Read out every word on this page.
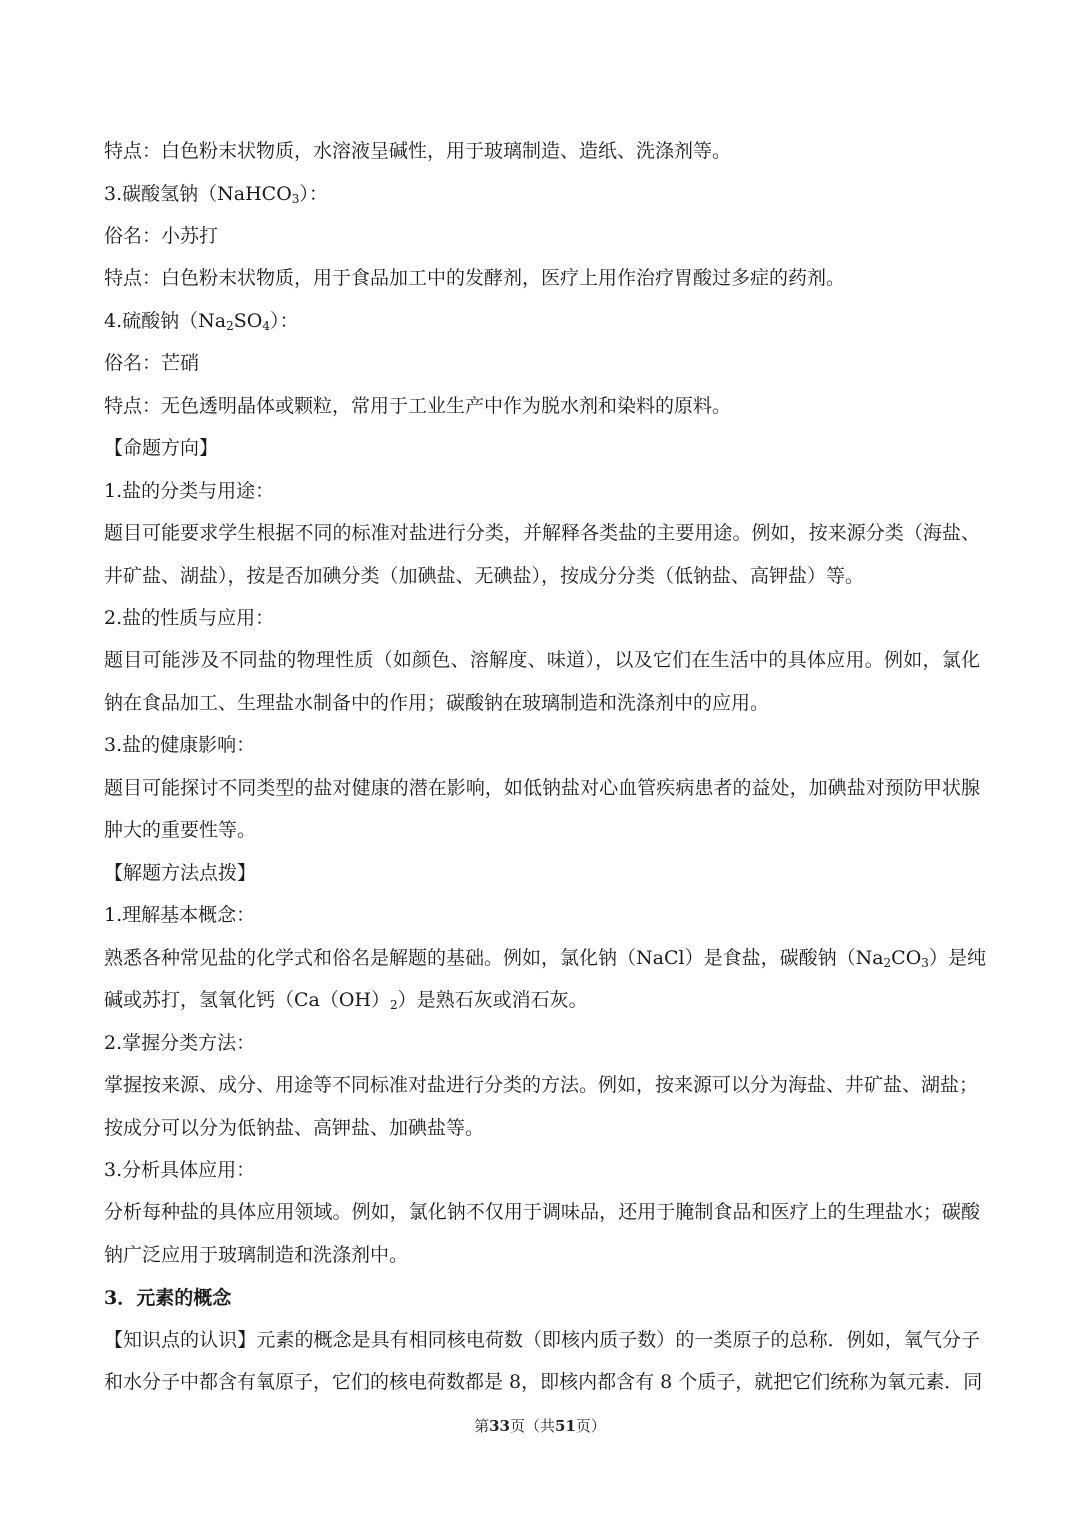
特点：白色粉末状物质，水溶液呈碱性，用于玻璃制造、造纸、洗涤剂等。
3.碳酸氢钠（NaHCO$_3$）：
俗名：小苏打
特点：白色粉末状物质，用于食品加工中的发酵剂，医疗上用作治疗胃酸过多症的药剂。
4.硫酸钠$(Na_2SO_4)$：
俗名：芒硝
特点：无色透明晶体或颗粒，常用于工业生产中作为脱水剂和染料的原料。
【命题方向】
1.盐的分类与用途：
题目可能要求学生根据不同的标准对盐进行分类，并解释各类盐的主要用途。例如，按来源分类（海盐、
井矿盐、湖盐），按是否加碘分类（加碘盐、无碘盐），按成分分类（低钠盐、高钾盐）等。
2.盐的性质与应用：
题目可能涉及不同盐的物理性质（如颜色、溶解度、味道），以及它们在生活中的具体应用。例如，氯化
钠在食品加工、生理盐水制备中的作用；碳酸钠在玻璃制造和洗涤剂中的应用。
3.盐的健康影响：
题目可能探讨不同类型的盐对健康的潜在影响，如低钠盐对心血管疾病患者的益处，加碘盐对预防甲状腺
肿大的重要性等。
【解题方法点拨】
1.理解基本概念：
熟悉各种常见盐的化学式和俗名是解题的基础。例如，氯化钠（NaCl）是食盐，碳酸钠$(Na_2CO_3)$是纯
碱或苏打，氢氧化钙$(Ca(OH)_2)$是熟石灰或消石灰。
2.掌握分类方法：
掌握按来源、成分、用途等不同标准对盐进行分类的方法。例如，按来源可以分为海盐、井矿盐、湖盐；
按成分可以分为低钠盐、高钾盐、加碘盐等。
3.分析具体应用：
分析每种盐的具体应用领域。例如，氯化钠不仅用于调味品，还用于腌制食品和医疗上的生理盐水；碳酸
钠广泛应用于玻璃制造和洗涤剂中。
3．元素的概念
【知识点的认识】元素的概念是具有相同核电荷数（即核内质子数）的一类原子的总称．例如，氧气分子
和水分子中都含有氧原子，它们的核电荷数都是 8，即核内都含有 8 个质子，就把它们统称为氧元素．同
第33页（共51页）
